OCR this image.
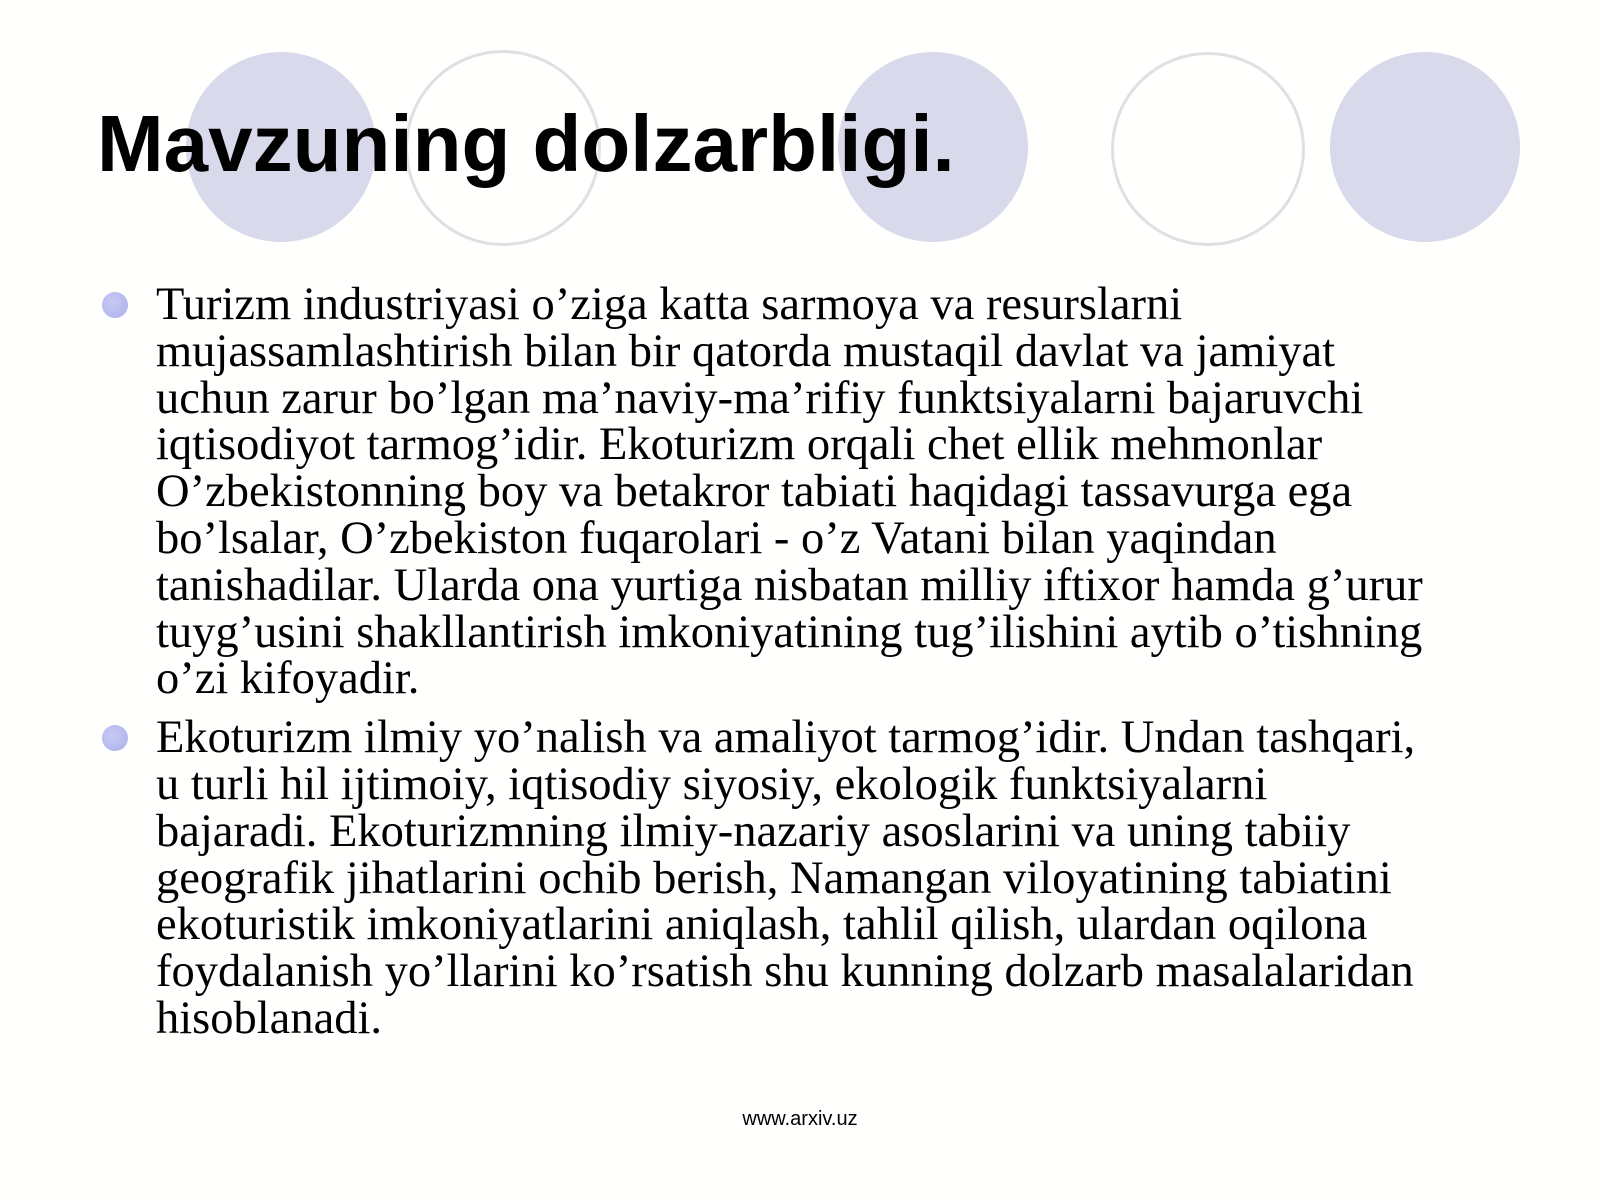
Mavzuning dolzarbligi.
Turizm industriyasi o’ziga katta sarmoya va resurslarni
mujassamlashtirish bilan bir qatorda mustaqil davlat va jamiyat
uchun zarur bo’lgan ma’naviy-ma’rifiy funktsiyalarni bajaruvchi
iqtisodiyot tarmog’idir. Ekoturizm orqali chet ellik mehmonlar
O’zbekistonning boy va betakror tabiati haqidagi tassavurga ega
bo’lsalar, O’zbekiston fuqarolari - o’z Vatani bilan yaqindan
tanishadilar. Ularda ona yurtiga nisbatan milliy iftixor hamda g’urur
tuyg’usini shakllantirish imkoniyatining tug’ilishini aytib o’tishning
o’zi kifoyadir.
Ekoturizm ilmiy yo’nalish va amaliyot tarmog’idir. Undan tashqari,
u turli hil ijtimoiy, iqtisodiy siyosiy, ekologik funktsiyalarni
bajaradi. Ekoturizmning ilmiy-nazariy asoslarini va uning tabiiy
geografik jihatlarini ochib berish, Namangan viloyatining tabiatini
ekoturistik imkoniyatlarini aniqlash, tahlil qilish, ulardan oqilona
foydalanish yo’llarini ko’rsatish shu kunning dolzarb masalalaridan
hisoblanadi.
www.arxiv.uz
